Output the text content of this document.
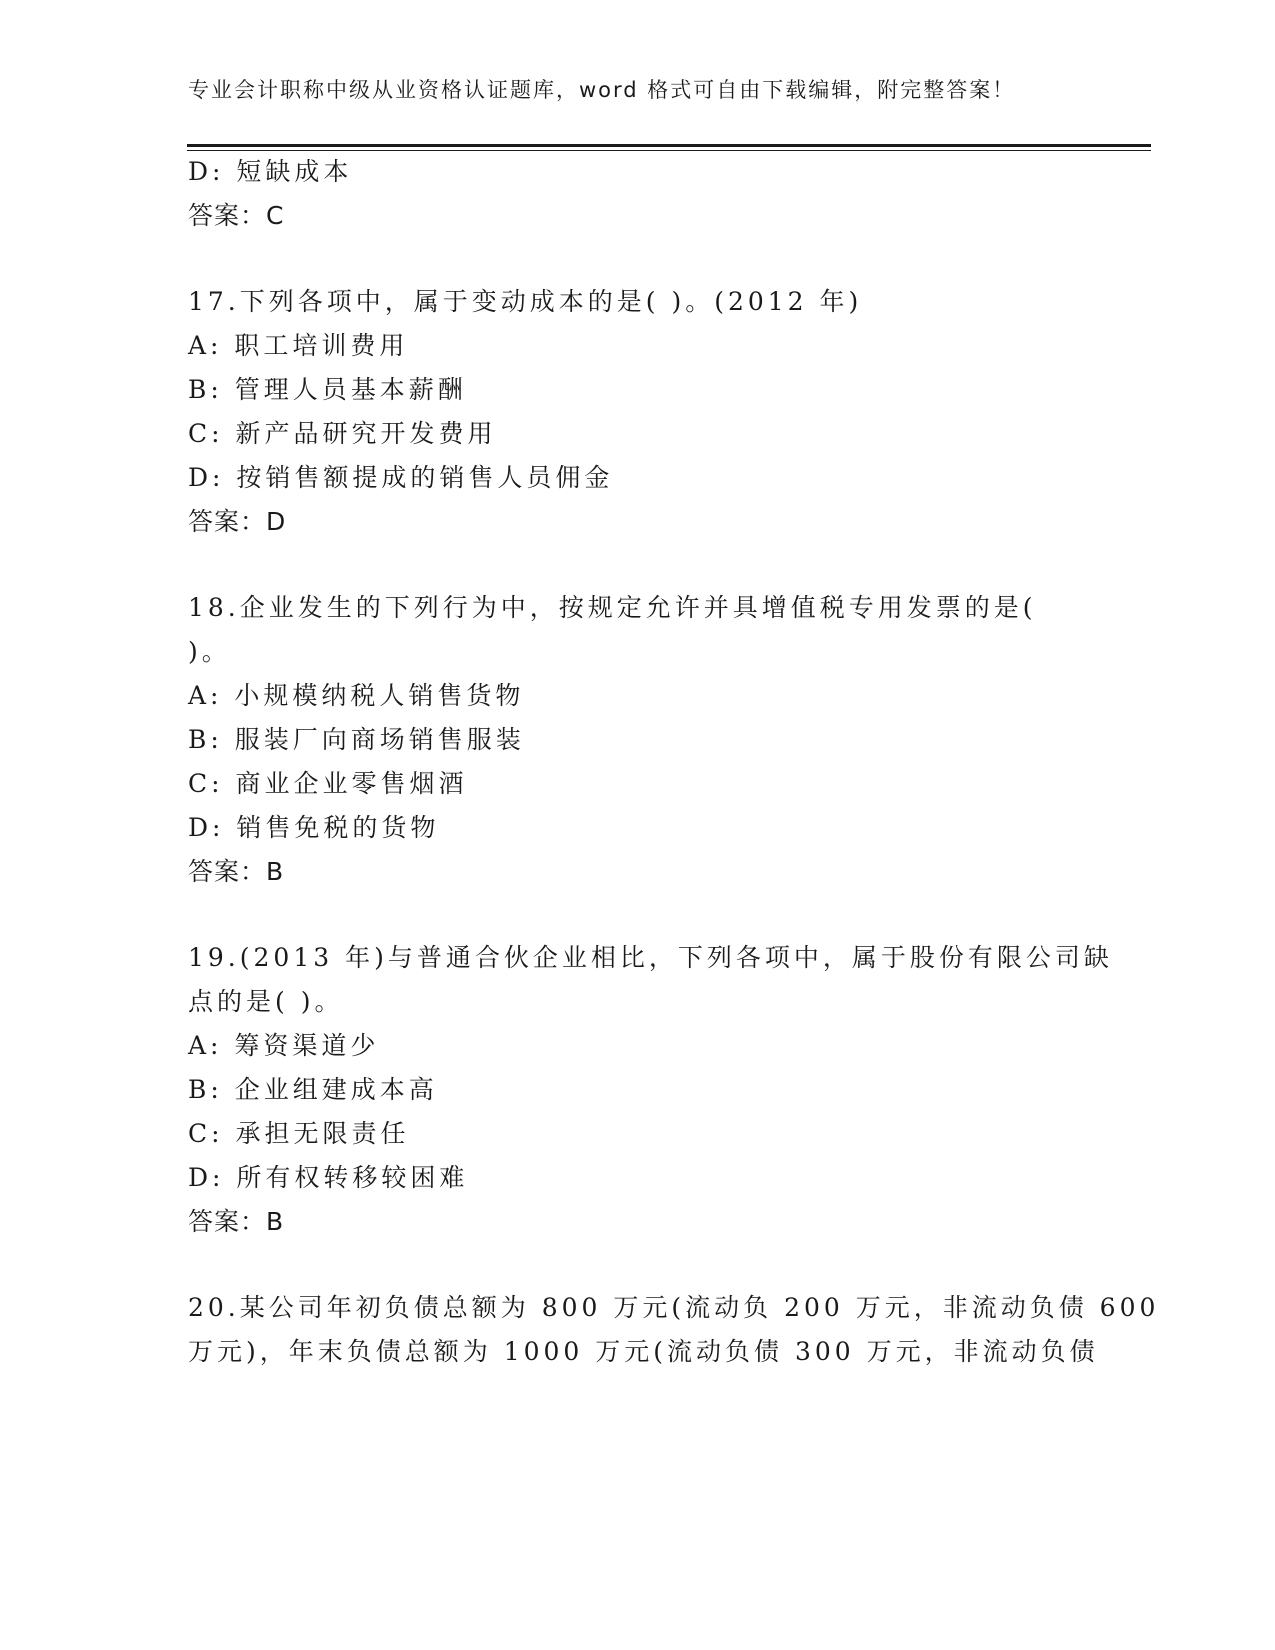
专业会计职称中级从业资格认证题库，word 格式可自由下载编辑，附完整答案！
D: 短缺成本
答案：C
17.下列各项中，属于变动成本的是( )。(2012 年)
A: 职工培训费用
B: 管理人员基本薪酬
C: 新产品研究开发费用
D: 按销售额提成的销售人员佣金
答案：D
18.企业发生的下列行为中，按规定允许并具增值税专用发票的是(
)。
A: 小规模纳税人销售货物
B: 服装厂向商场销售服装
C: 商业企业零售烟酒
D: 销售免税的货物
答案：B
19.(2013 年)与普通合伙企业相比，下列各项中，属于股份有限公司缺
点的是( )。
A: 筹资渠道少
B: 企业组建成本高
C: 承担无限责任
D: 所有权转移较困难
答案：B
20.某公司年初负债总额为 800 万元(流动负 200 万元，非流动负债 600
万元)，年末负债总额为 1000 万元(流动负债 300 万元，非流动负债
